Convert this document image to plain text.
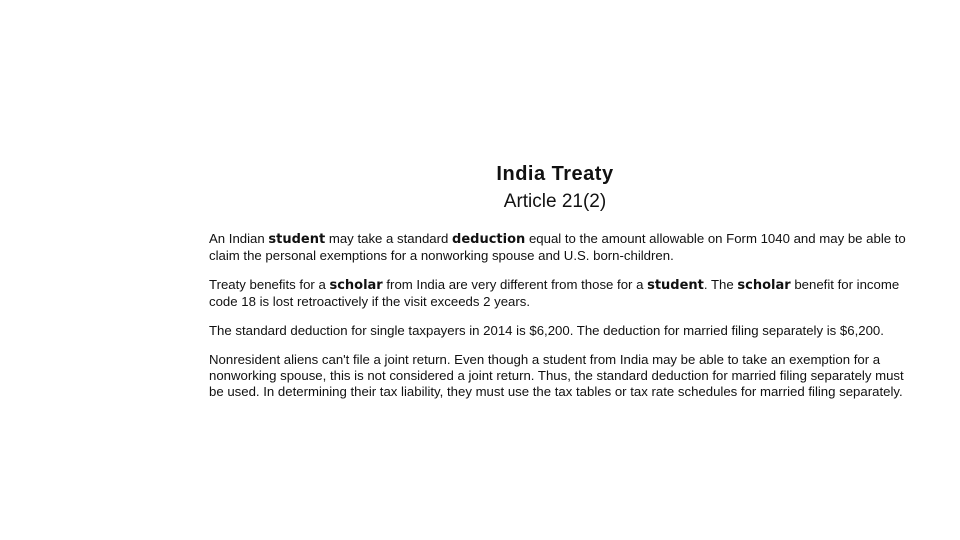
India Treaty
Article 21(2)

An Indian student may take a standard deduction equal to the amount allowable on Form 1040 and may be able to claim the personal exemptions for a nonworking spouse and U.S. born-children.

Treaty benefits for a scholar from India are very different from those for a student. The scholar benefit for income code 18 is lost retroactively if the visit exceeds 2 years.

The standard deduction for single taxpayers in 2014 is $6,200. The deduction for married filing separately is $6,200.

Nonresident aliens can't file a joint return. Even though a student from India may be able to take an exemption for a nonworking spouse, this is not considered a joint return. Thus, the standard deduction for married filing separately must be used. In determining their tax liability, they must use the tax tables or tax rate schedules for married filing separately.
